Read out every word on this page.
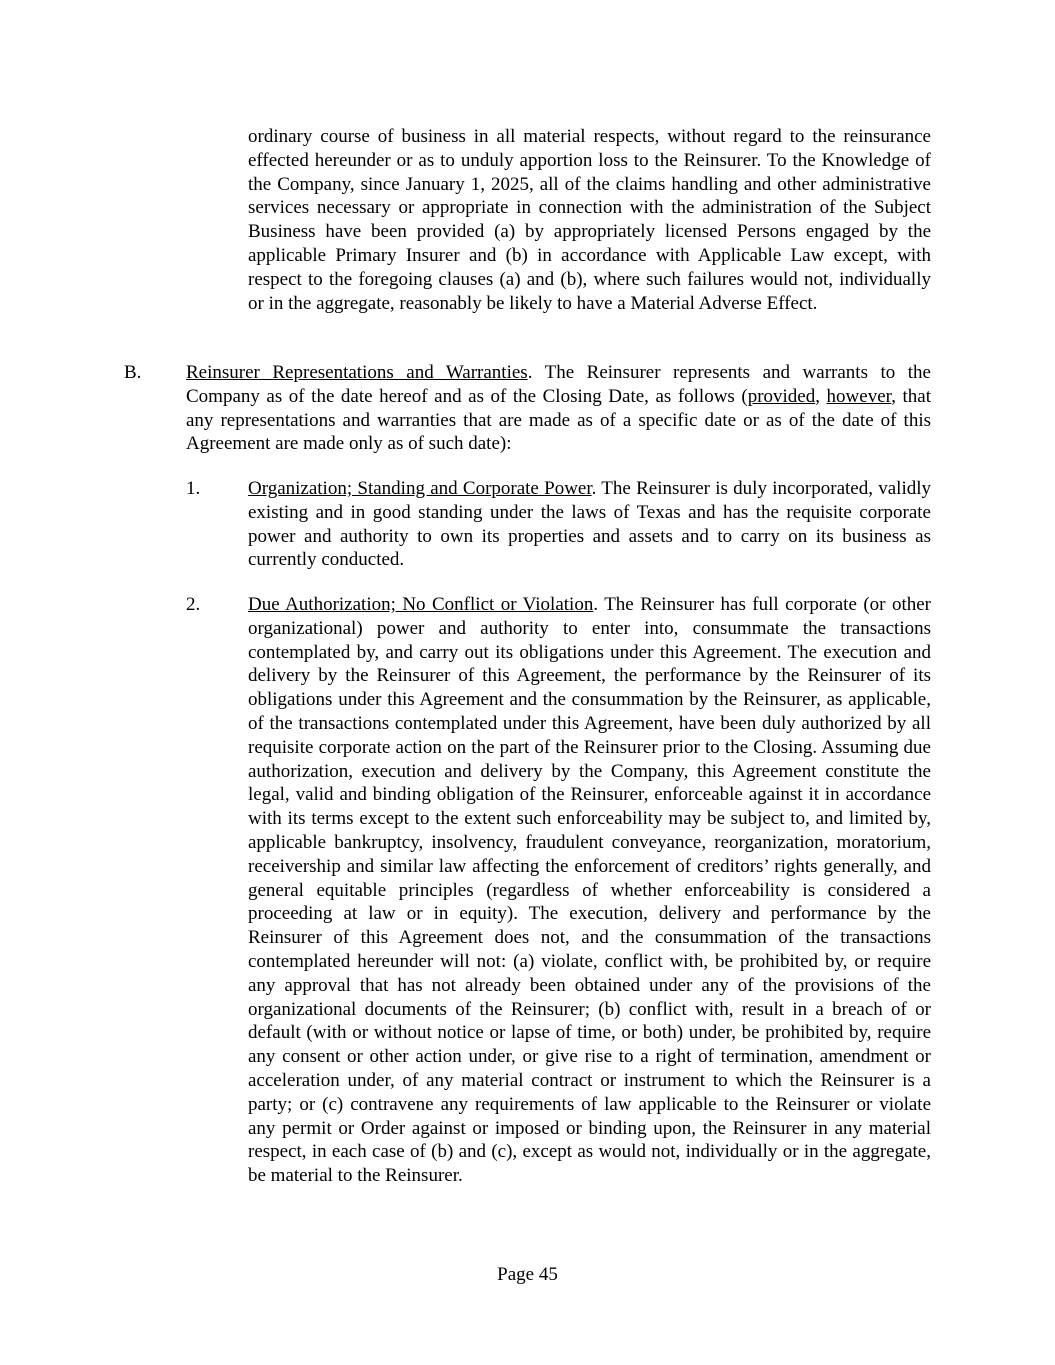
ordinary course of business in all material respects, without regard to the reinsurance effected hereunder or as to unduly apportion loss to the Reinsurer. To the Knowledge of the Company, since January 1, 2025, all of the claims handling and other administrative services necessary or appropriate in connection with the administration of the Subject Business have been provided (a) by appropriately licensed Persons engaged by the applicable Primary Insurer and (b) in accordance with Applicable Law except, with respect to the foregoing clauses (a) and (b), where such failures would not, individually or in the aggregate, reasonably be likely to have a Material Adverse Effect.

B. Reinsurer Representations and Warranties. The Reinsurer represents and warrants to the Company as of the date hereof and as of the Closing Date, as follows (provided, however, that any representations and warranties that are made as of a specific date or as of the date of this Agreement are made only as of such date):

1.	Organization; Standing and Corporate Power. The Reinsurer is duly incorporated, validly existing and in good standing under the laws of Texas and has the requisite corporate power and authority to own its properties and assets and to carry on its business as currently conducted.

2.	Due Authorization; No Conflict or Violation. The Reinsurer has full corporate (or other organizational) power and authority to enter into, consummate the transactions contemplated by, and carry out its obligations under this Agreement. The execution and delivery by the Reinsurer of this Agreement, the performance by the Reinsurer of its obligations under this Agreement and the consummation by the Reinsurer, as applicable, of the transactions contemplated under this Agreement, have been duly authorized by all requisite corporate action on the part of the Reinsurer prior to the Closing. Assuming due authorization, execution and delivery by the Company, this Agreement constitute the legal, valid and binding obligation of the Reinsurer, enforceable against it in accordance with its terms except to the extent such enforceability may be subject to, and limited by, applicable bankruptcy, insolvency, fraudulent conveyance, reorganization, moratorium, receivership and similar law affecting the enforcement of creditors’ rights generally, and general equitable principles (regardless of whether enforceability is considered a proceeding at law or in equity). The execution, delivery and performance by the Reinsurer of this Agreement does not, and the consummation of the transactions contemplated hereunder will not: (a) violate, conflict with, be prohibited by, or require any approval that has not already been obtained under any of the provisions of the organizational documents of the Reinsurer; (b) conflict with, result in a breach of or default (with or without notice or lapse of time, or both) under, be prohibited by, require any consent or other action under, or give rise to a right of termination, amendment or acceleration under, of any material contract or instrument to which the Reinsurer is a party; or (c) contravene any requirements of law applicable to the Reinsurer or violate any permit or Order against or imposed or binding upon, the Reinsurer in any material respect, in each case of (b) and (c), except as would not, individually or in the aggregate, be material to the Reinsurer.

Page 45
